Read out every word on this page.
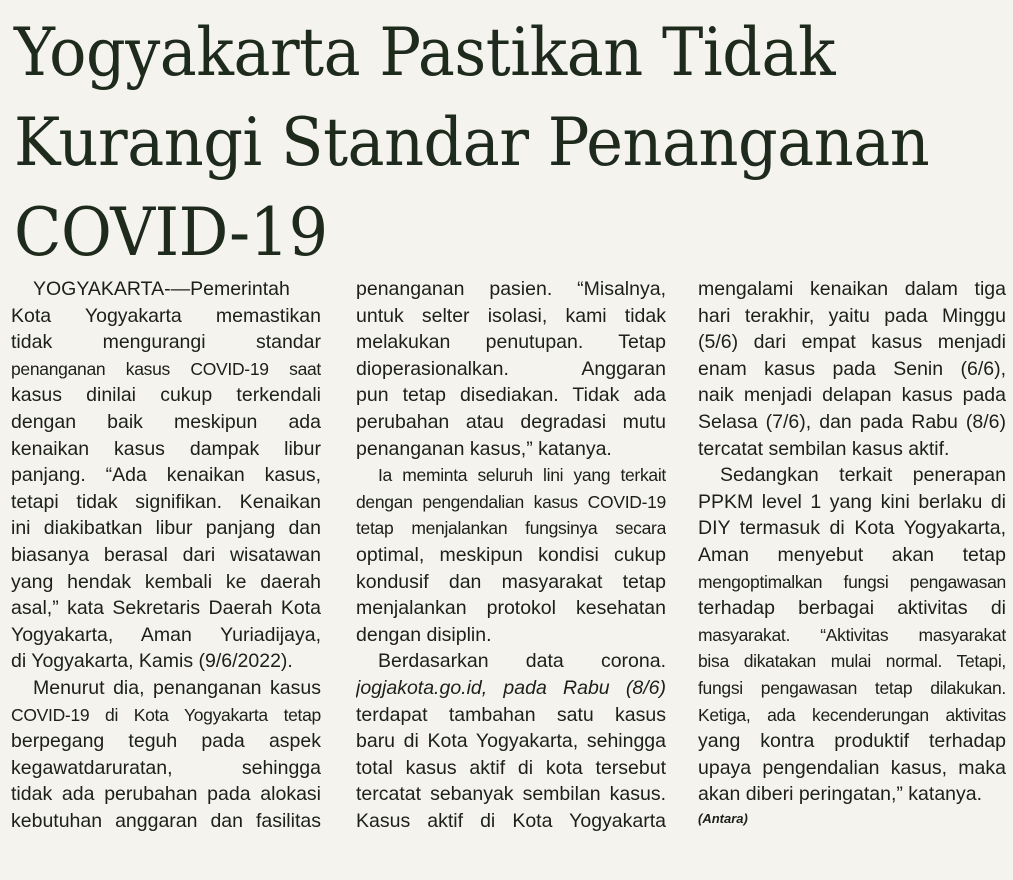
Yogyakarta Pastikan Tidak
Kurangi Standar Penanganan
COVID-19
YOGYAKARTA-—Pemerintah
Kota Yogyakarta memastikan
tidak mengurangi standar
penanganan kasus COVID-19 saat
kasus dinilai cukup terkendali
dengan baik meskipun ada
kenaikan kasus dampak libur
panjang. “Ada kenaikan kasus,
tetapi tidak signifikan. Kenaikan
ini diakibatkan libur panjang dan
biasanya berasal dari wisatawan
yang hendak kembali ke daerah
asal,” kata Sekretaris Daerah Kota
Yogyakarta, Aman Yuriadijaya,
di Yogyakarta, Kamis (9/6/2022).
Menurut dia, penanganan kasus
COVID-19 di Kota Yogyakarta tetap
berpegang teguh pada aspek
kegawatdaruratan, sehingga
tidak ada perubahan pada alokasi
kebutuhan anggaran dan fasilitas
penanganan pasien. “Misalnya,
untuk selter isolasi, kami tidak
melakukan penutupan. Tetap
dioperasionalkan. Anggaran
pun tetap disediakan. Tidak ada
perubahan atau degradasi mutu
penanganan kasus,” katanya.
Ia meminta seluruh lini yang terkait
dengan pengendalian kasus COVID-19
tetap menjalankan fungsinya secara
optimal, meskipun kondisi cukup
kondusif dan masyarakat tetap
menjalankan protokol kesehatan
dengan disiplin.
Berdasarkan data corona.
jogjakota.go.id, pada Rabu (8/6)
terdapat tambahan satu kasus
baru di Kota Yogyakarta, sehingga
total kasus aktif di kota tersebut
tercatat sebanyak sembilan kasus.
Kasus aktif di Kota Yogyakarta
mengalami kenaikan dalam tiga
hari terakhir, yaitu pada Minggu
(5/6) dari empat kasus menjadi
enam kasus pada Senin (6/6),
naik menjadi delapan kasus pada
Selasa (7/6), dan pada Rabu (8/6)
tercatat sembilan kasus aktif.
Sedangkan terkait penerapan
PPKM level 1 yang kini berlaku di
DIY termasuk di Kota Yogyakarta,
Aman menyebut akan tetap
mengoptimalkan fungsi pengawasan
terhadap berbagai aktivitas di
masyarakat. “Aktivitas masyarakat
bisa dikatakan mulai normal. Tetapi,
fungsi pengawasan tetap dilakukan.
Ketiga, ada kecenderungan aktivitas
yang kontra produktif terhadap
upaya pengendalian kasus, maka
akan diberi peringatan,” katanya.
(Antara)
